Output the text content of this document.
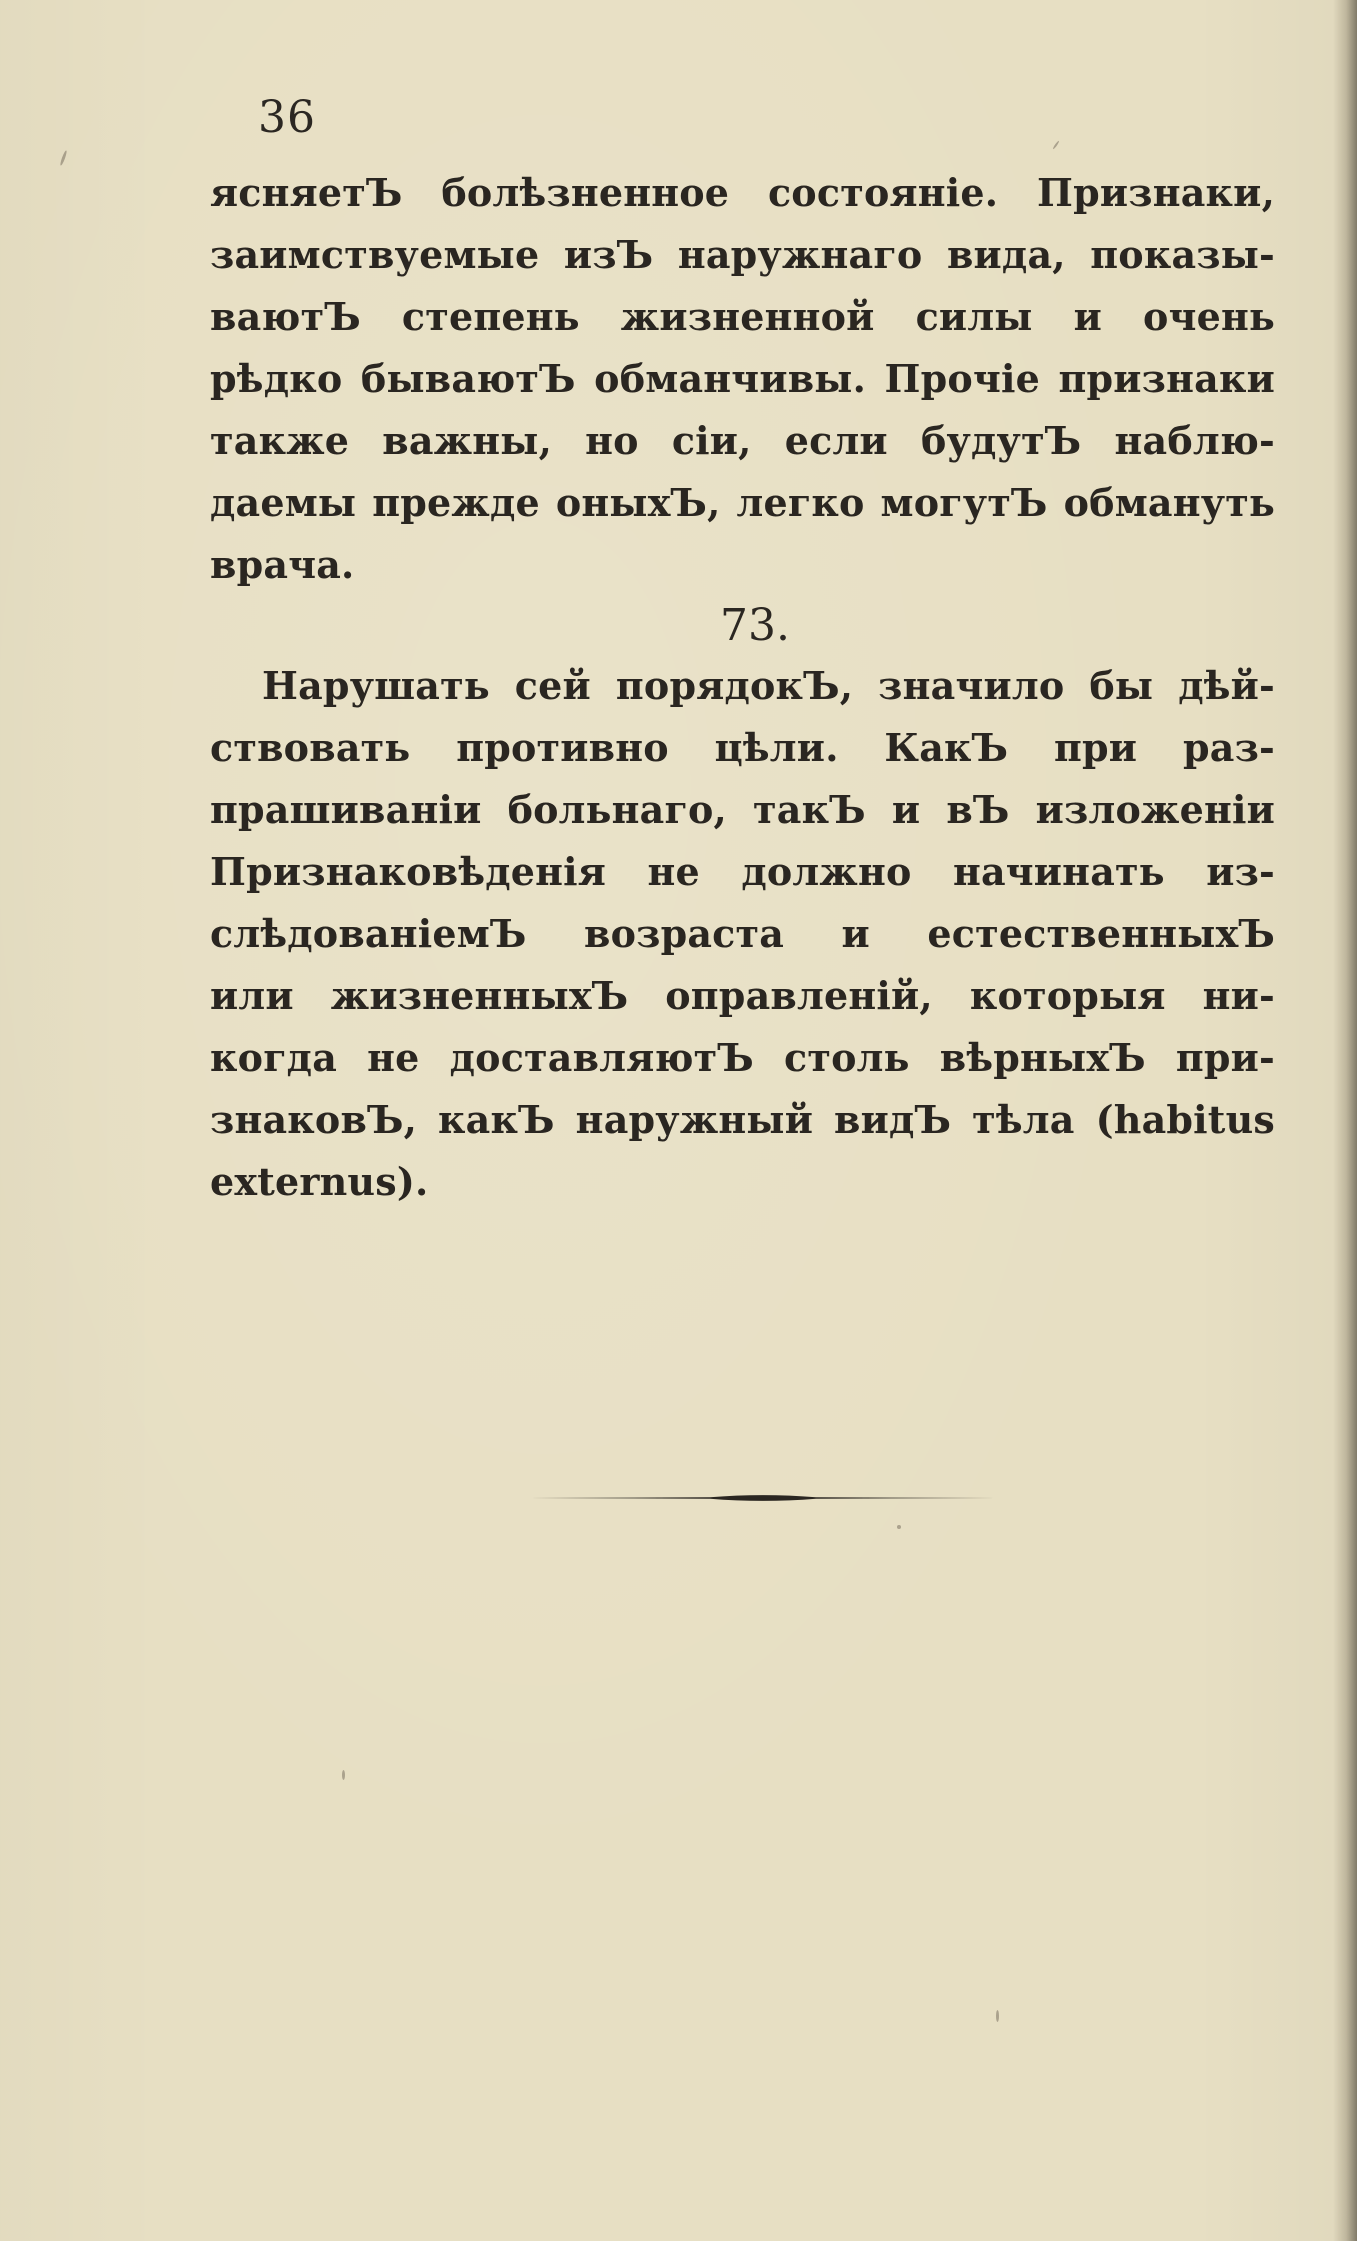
36
ясняетЪ болѣзненное состоянiе. Признаки,
заимствуемые изЪ наружнаго вида, показы-
ваютЪ степень жизненной силы и очень
рѣдко бываютЪ обманчивы. Прочiе признаки
также важны, но сiи, если будутЪ наблю-
даемы прежде оныхЪ, легко могутЪ обмануть
врача.
73.
Нарушать сей порядокЪ, значило бы дѣй-
ствовать противно цѣли. КакЪ при раз-
прашиванiи больнаго, такЪ и вЪ изложенiи
Признаковѣденiя не должно начинать из-
слѣдованiемЪ возраста и естественныхЪ
или жизненныхЪ оправленiй, которыя ни-
когда не доставляютЪ столь вѣрныхЪ при-
знаковЪ, какЪ наружный видЪ тѣла (habitus
externus).
